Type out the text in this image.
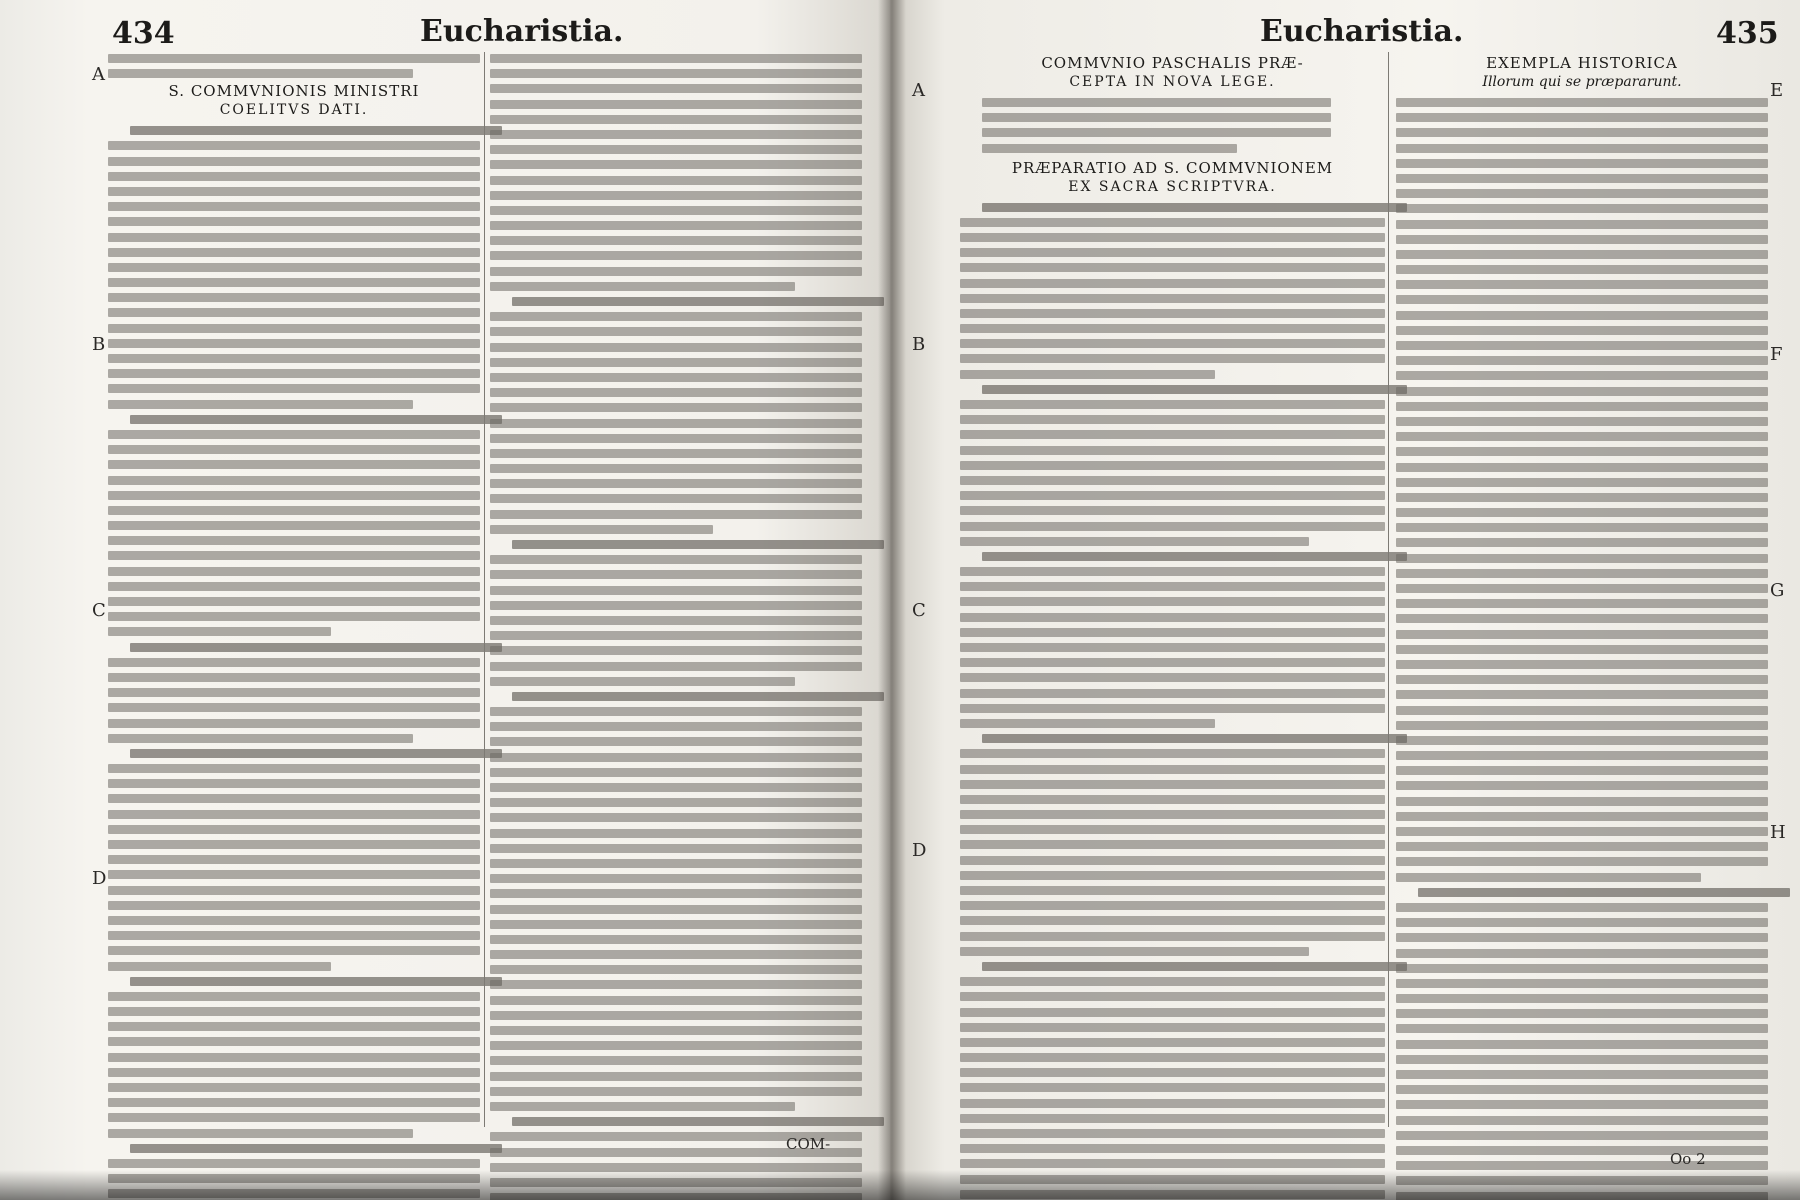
434	Eucharistia.
A
B
C
D
S. COMMVNIONIS MINISTRI
COELITVS DATI.
COM-
Eucharistia.	435
A
B
C
D
E
F
G
H
COMMVNIO PASCHALIS PRÆ-
CEPTA IN NOVA LEGE.
PRÆPARATIO AD S. COMMVNIONEM
EX SACRA SCRIPTVRA.
EXEMPLA HISTORICA
Illorum qui se præpararunt.
Oo 2
